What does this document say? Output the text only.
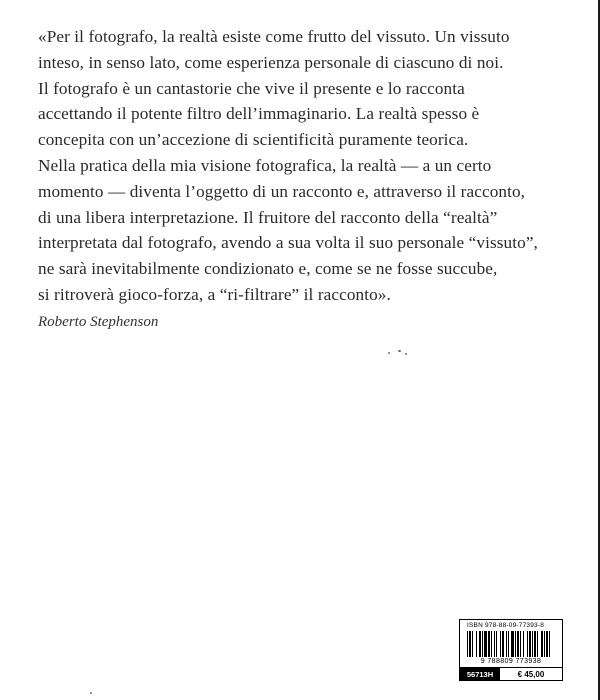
«Per il fotografo, la realtà esiste come frutto del vissuto. Un vissuto

inteso, in senso lato, come esperienza personale di ciascuno di noi.

Il fotografo è un cantastorie che vive il presente e lo racconta

accettando il potente filtro dell’immaginario. La realtà spesso è

concepita con un’accezione di scientificità puramente teorica.

Nella pratica della mia visione fotografica, la realtà — a un certo

momento — diventa l’oggetto di un racconto e, attraverso il racconto,

di una libera interpretazione. Il fruitore del racconto della “realtà”

interpretata dal fotografo, avendo a sua volta il suo personale “vissuto”,

ne sarà inevitabilmente condizionato e, come se ne fosse succube,

si ritroverà gioco-forza, a “ri-filtrare” il racconto».

Roberto Stephenson
ISBN 978-88-09-77393-8
9 788809 773938
56713H	€ 45,00
